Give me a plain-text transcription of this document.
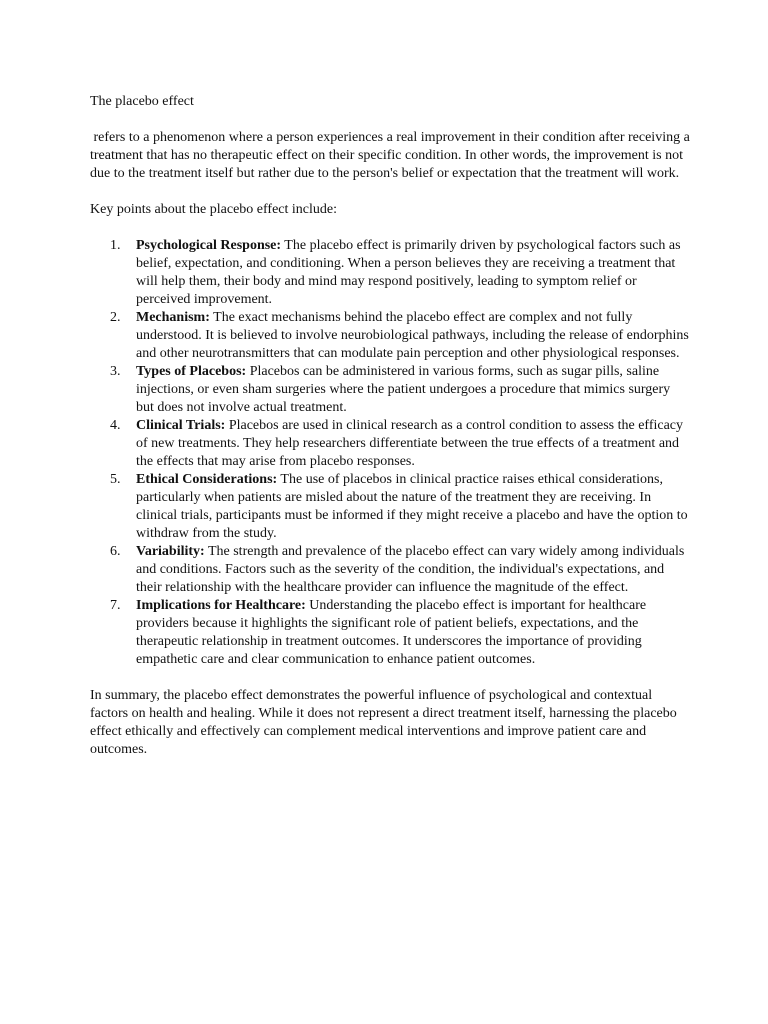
The placebo effect

refers to a phenomenon where a person experiences a real improvement in their condition after receiving a treatment that has no therapeutic effect on their specific condition. In other words, the improvement is not due to the treatment itself but rather due to the person's belief or expectation that the treatment will work.

Key points about the placebo effect include:

1.	Psychological Response: The placebo effect is primarily driven by psychological factors such as belief, expectation, and conditioning. When a person believes they are receiving a treatment that will help them, their body and mind may respond positively, leading to symptom relief or perceived improvement.
2.	Mechanism: The exact mechanisms behind the placebo effect are complex and not fully understood. It is believed to involve neurobiological pathways, including the release of endorphins and other neurotransmitters that can modulate pain perception and other physiological responses.
3.	Types of Placebos: Placebos can be administered in various forms, such as sugar pills, saline injections, or even sham surgeries where the patient undergoes a procedure that mimics surgery but does not involve actual treatment.
4.	Clinical Trials: Placebos are used in clinical research as a control condition to assess the efficacy of new treatments. They help researchers differentiate between the true effects of a treatment and the effects that may arise from placebo responses.
5.	Ethical Considerations: The use of placebos in clinical practice raises ethical considerations, particularly when patients are misled about the nature of the treatment they are receiving. In clinical trials, participants must be informed if they might receive a placebo and have the option to withdraw from the study.
6.	Variability: The strength and prevalence of the placebo effect can vary widely among individuals and conditions. Factors such as the severity of the condition, the individual's expectations, and their relationship with the healthcare provider can influence the magnitude of the effect.
7.	Implications for Healthcare: Understanding the placebo effect is important for healthcare providers because it highlights the significant role of patient beliefs, expectations, and the therapeutic relationship in treatment outcomes. It underscores the importance of providing empathetic care and clear communication to enhance patient outcomes.

In summary, the placebo effect demonstrates the powerful influence of psychological and contextual factors on health and healing. While it does not represent a direct treatment itself, harnessing the placebo effect ethically and effectively can complement medical interventions and improve patient care and outcomes.
